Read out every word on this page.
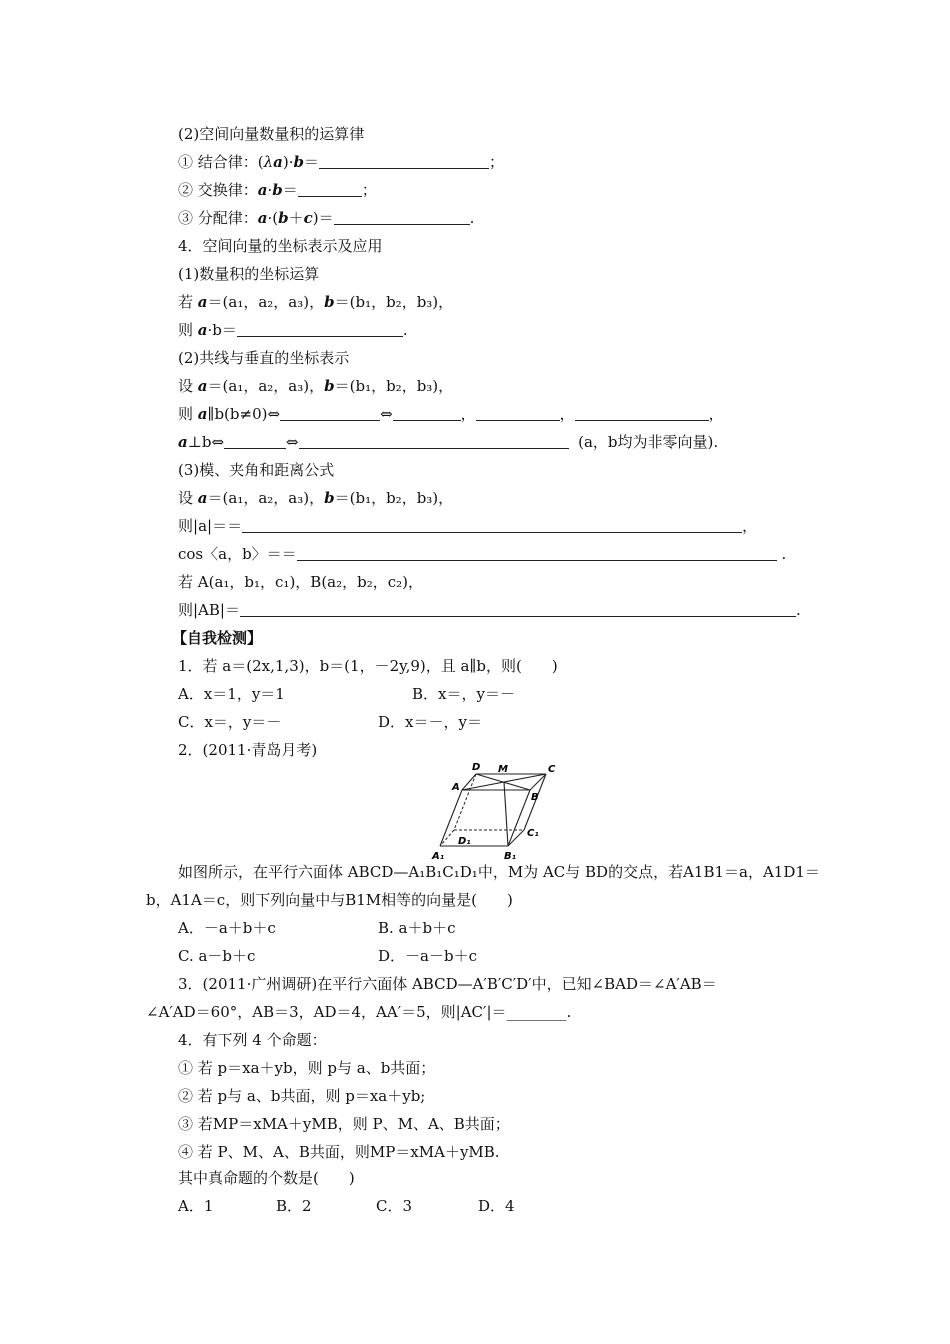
(2)空间向量数量积的运算律
① 结合律：(λa)·b＝	；
② 交换律：a·b＝	；
③ 分配律：a·(b＋c)＝	.
4．空间向量的坐标表示及应用
(1)数量积的坐标运算
若 a＝(a₁，a₂，a₃)，b＝(b₁，b₂，b₃)，
则 a·b＝	.
(2)共线与垂直的坐标表示
设 a＝(a₁，a₂，a₃)，b＝(b₁，b₂，b₃)，
则 a∥b(b≠0)⇔	⇔	，	，	，
a⊥b⇔	⇔	(a，b均为非零向量).
(3)模、夹角和距离公式
设 a＝(a₁，a₂，a₃)，b＝(b₁，b₂，b₃)，
则|a|＝＝	，
cos〈a，b〉＝＝	.
若 A(a₁，b₁，c₁)，B(a₂，b₂，c₂)，
则|AB|＝	.
【自我检测】
1．若 a＝(2x,1,3)，b＝(1，－2y,9)，且 a∥b，则(　　)
A．x＝1，y＝1	B．x＝，y＝－
C．x＝，y＝－	D．x＝－，y＝
2．(2011·青岛月考)
D M	C
A
B
D₁
C₁
A₁	B₁
如图所示，在平行六面体 ABCD—A₁B₁C₁D₁中，M为 AC与 BD的交点，若A1B1＝a，A1D1＝
b，A1A＝c，则下列向量中与B1M相等的向量是(　　)
A．－a＋b＋c	B. a＋b＋c
C. a－b＋c	D．－a－b＋c
3．(2011·广州调研)在平行六面体 ABCD—A′B′C′D′中，已知∠BAD＝∠A′AB＝
∠A′AD＝60°，AB＝3，AD＝4，AA′＝5，则|AC′|＝________.
4．有下列 4 个命题：
① 若 p＝xa＋yb，则 p与 a、b共面；
② 若 p与 a、b共面，则 p＝xa＋yb;
③ 若MP＝xMA＋yMB，则 P、M、A、B共面；
④ 若 P、M、A、B共面，则MP＝xMA＋yMB.
其中真命题的个数是(　　)
A．1	B．2	C．3	D．4
